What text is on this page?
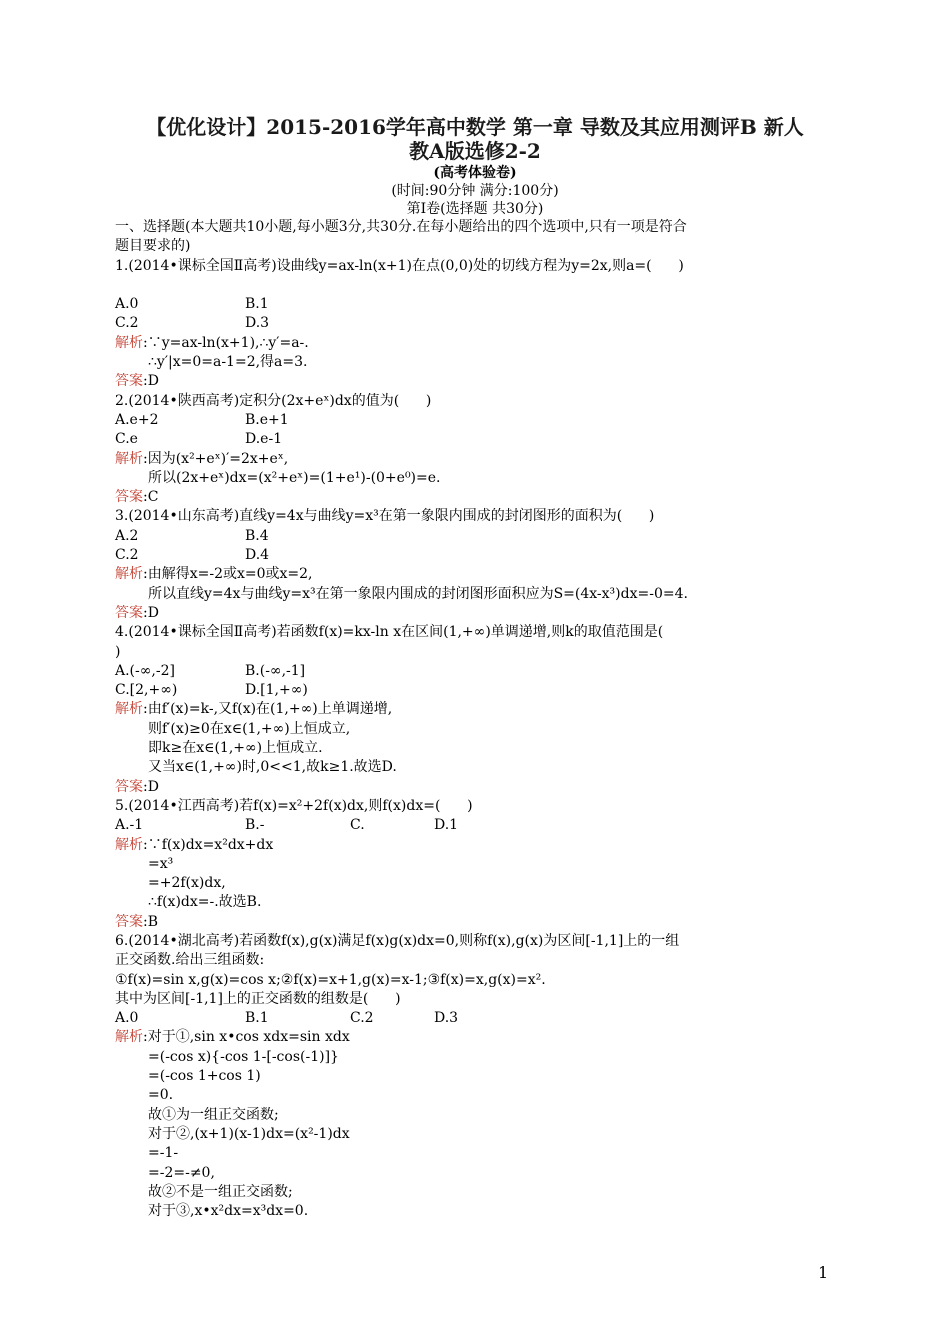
【优化设计】2015-2016学年高中数学 第一章 导数及其应用测评B 新人
教A版选修2-2
(高考体验卷)
(时间:90分钟 满分:100分)
第Ⅰ卷(选择题 共30分)
一、选择题(本大题共10小题,每小题3分,共30分.在每小题给出的四个选项中,只有一项是符合
题目要求的)
1.(2014•课标全国Ⅱ高考)设曲线y=ax-ln(x+1)在点(0,0)处的切线方程为y=2x,则a=(      )
A.0	B.1
C.2	D.3
解析:∵y=ax-ln(x+1),∴y′=a-.
∴y′|x=0=a-1=2,得a=3.
答案:D
2.(2014•陕西高考)定积分(2x+eˣ)dx的值为(      )
A.e+2	B.e+1
C.e	D.e-1
解析:因为(x²+eˣ)′=2x+eˣ,
所以(2x+eˣ)dx=(x²+eˣ)=(1+e¹)-(0+e⁰)=e.
答案:C
3.(2014•山东高考)直线y=4x与曲线y=x³在第一象限内围成的封闭图形的面积为(      )
A.2	B.4
C.2	D.4
解析:由解得x=-2或x=0或x=2,
所以直线y=4x与曲线y=x³在第一象限内围成的封闭图形面积应为S=(4x-x³)dx=-0=4.
答案:D
4.(2014•课标全国Ⅱ高考)若函数f(x)=kx-ln x在区间(1,+∞)单调递增,则k的取值范围是(
)
A.(-∞,-2]	B.(-∞,-1]
C.[2,+∞)	D.[1,+∞)
解析:由f′(x)=k-,又f(x)在(1,+∞)上单调递增,
则f′(x)≥0在x∈(1,+∞)上恒成立,
即k≥在x∈(1,+∞)上恒成立.
又当x∈(1,+∞)时,0<<1,故k≥1.故选D.
答案:D
5.(2014•江西高考)若f(x)=x²+2f(x)dx,则f(x)dx=(      )
A.-1	B.-	C.	D.1
解析:∵f(x)dx=x²dx+dx
=x³
=+2f(x)dx,
∴f(x)dx=-.故选B.
答案:B
6.(2014•湖北高考)若函数f(x),g(x)满足f(x)g(x)dx=0,则称f(x),g(x)为区间[-1,1]上的一组
正交函数.给出三组函数:
①f(x)=sin x,g(x)=cos x;②f(x)=x+1,g(x)=x-1;③f(x)=x,g(x)=x².
其中为区间[-1,1]上的正交函数的组数是(      )
A.0	B.1	C.2	D.3
解析:对于①,sin x•cos xdx=sin xdx
=(-cos x){-cos 1-[-cos(-1)]}
=(-cos 1+cos 1)
=0.
故①为一组正交函数;
对于②,(x+1)(x-1)dx=(x²-1)dx
=-1-
=-2=-≠0,
故②不是一组正交函数;
对于③,x•x²dx=x³dx=0.
1
